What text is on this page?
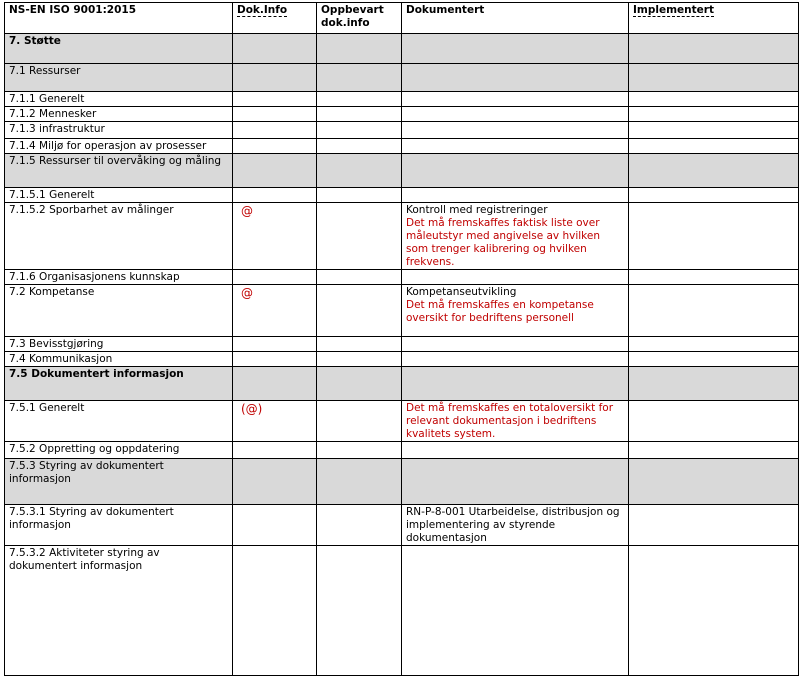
NS-EN ISO 9001:2015	Dok.Info	Oppbevart dok.info	Dokumentert	Implementert
7. Støtte				
7.1 Ressurser				
7.1.1 Generelt				
7.1.2 Mennesker				
7.1.3 infrastruktur				
7.1.4 Miljø for operasjon av prosesser				
7.1.5 Ressurser til overvåking og måling				
7.1.5.1 Generelt				
7.1.5.2 Sporbarhet av målinger	@		Kontroll med registreringer
Det må fremskaffes faktisk liste over måleutstyr med angivelse av hvilken som trenger kalibrering og hvilken frekvens.	

7.1.6 Organisasjonens kunnskap				
7.2 Kompetanse	@		Kompetanseutvikling
Det må fremskaffes en kompetanse oversikt for bedriftens personell	

7.3 Bevisstgjøring				
7.4 Kommunikasjon				
7.5 Dokumentert informasjon				
7.5.1 Generelt	(@)		Det må fremskaffes en totaloversikt for relevant dokumentasjon i bedriftens kvalitets system.	

7.5.2 Oppretting og oppdatering				
7.5.3 Styring av dokumentert informasjon				
7.5.3.1 Styring av dokumentert informasjon			RN-P-8-001 Utarbeidelse, distribusjon og implementering av styrende dokumentasjon	

7.5.3.2 Aktiviteter styring av dokumentert informasjon				
